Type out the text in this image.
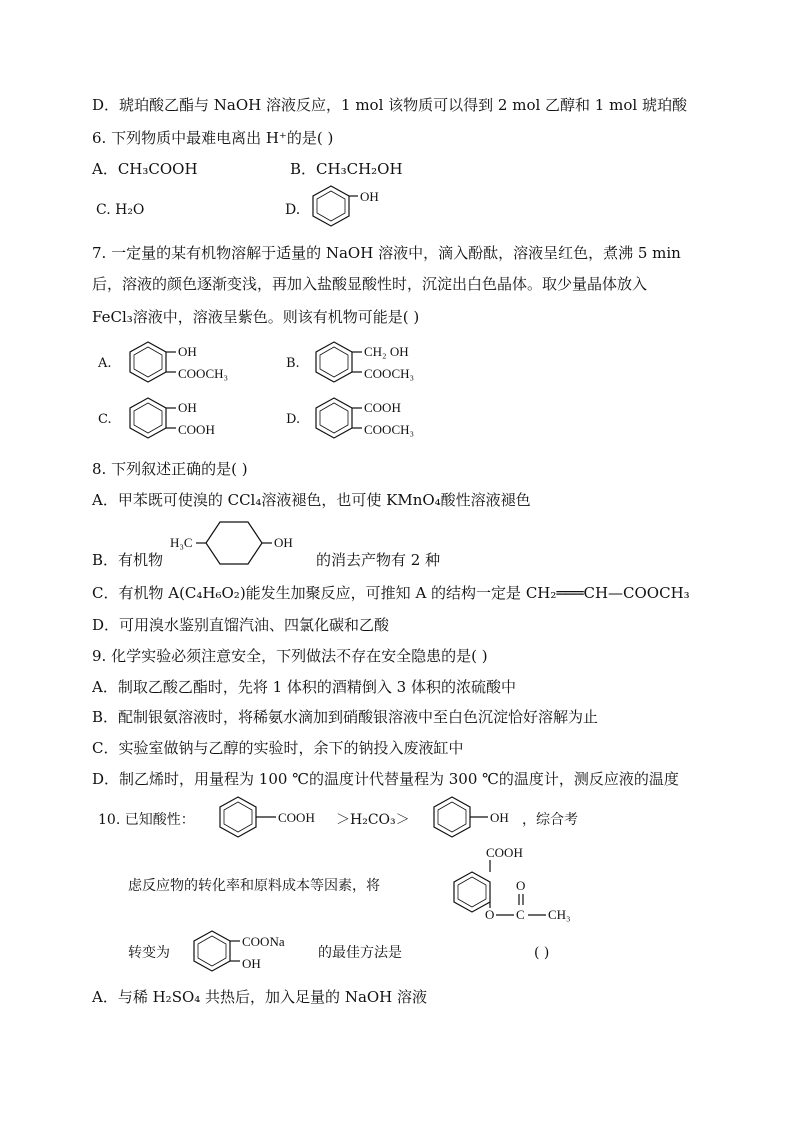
D．琥珀酸乙酯与 NaOH 溶液反应，1 mol 该物质可以得到 2 mol 乙醇和 1 mol 琥珀酸
6. 下列物质中最难电离出 H⁺的是( )
A．CH₃COOH	B．CH₃CH₂OH
C. H₂O	D.
OH
7. 一定量的某有机物溶解于适量的 NaOH 溶液中，滴入酚酞，溶液呈红色，煮沸 5 min
后，溶液的颜色逐渐变浅，再加入盐酸显酸性时，沉淀出白色晶体。取少量晶体放入
FeCl₃溶液中，溶液呈紫色。则该有机物可能是( )
A.
OH
COOCH₃
B.
CH₂ OH
COOCH₃
C.
OH
COOH
D.
COOH
COOCH₃
8. 下列叙述正确的是( )
A．甲苯既可使溴的 CCl₄溶液褪色，也可使 KMnO₄酸性溶液褪色
B．有机物
H₃C	OH
的消去产物有 2 种
C．有机物 A(C₄H₆O₂)能发生加聚反应，可推知 A 的结构一定是 CH₂═══CH—COOCH₃
D．可用溴水鉴别直馏汽油、四氯化碳和乙酸
9. 化学实验必须注意安全，下列做法不存在安全隐患的是( )
A．制取乙酸乙酯时，先将 1 体积的酒精倒入 3 体积的浓硫酸中
B．配制银氨溶液时，将稀氨水滴加到硝酸银溶液中至白色沉淀恰好溶解为止
C．实验室做钠与乙醇的实验时，余下的钠投入废液缸中
D．制乙烯时，用量程为 100 ℃的温度计代替量程为 300 ℃的温度计，测反应液的温度
10. 已知酸性：	COOH ＞H₂CO₃＞	OH ，综合考
虑反应物的转化率和原料成本等因素，将
COOH
O C
O
CH₃
转变为
COONa
OH
的最佳方法是	( )
A．与稀 H₂SO₄ 共热后，加入足量的 NaOH 溶液
